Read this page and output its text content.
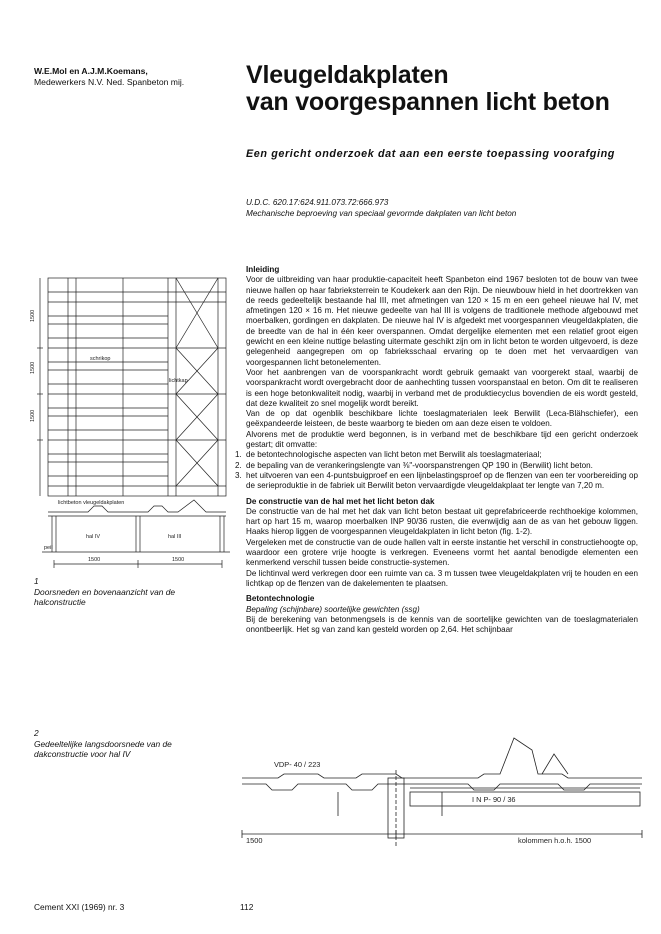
W.E.Mol en A.J.M.Koemans,
Medewerkers N.V. Ned. Spanbeton mij. Vleugeldakplaten
van voorgespannen licht beton
Een gericht onderzoek dat aan een eerste toepassing voorafging
U.D.C. 620.17:624.911.073.72:666.973
Mechanische beproeving van speciaal gevormde dakplaten van licht beton
1500
1500
1500
schrikop
lichtkap
lichtbeton vleugeldakplaten
hal IV	hal III
peil
1500	1500
1
Doorsneden en bovenaanzicht van de halconstructie
2
Gedeeltelijke langsdoorsnede van de dakconstructie voor hal IV

Inleiding

Voor de uitbreiding van haar produktie-capaciteit heeft Spanbeton eind 1967 besloten tot de bouw van twee nieuwe hallen op haar fabrieksterrein te Koudekerk aan den Rijn. De nieuwbouw hield in het doortrekken van de reeds gedeeltelijk bestaande hal III, met afmetingen van 120 × 15 m en een geheel nieuwe hal IV, met afmetingen 120 × 16 m. Het nieuwe gedeelte van hal III is volgens de traditionele methode afgebouwd met moerbalken, gordingen en dakplaten. De nieuwe hal IV is afgedekt met voorgespannen vleugeldakplaten, die de breedte van de hal in één keer overspannen. Omdat dergelijke elementen met een relatief groot eigen gewicht en een kleine nuttige belasting uitermate geschikt zijn om in licht beton te worden uitgevoerd, is deze gelegenheid aangegrepen om op fabrieksschaal ervaring op te doen met het vervaardigen van voorgespannen licht betonelementen.

Voor het aanbrengen van de voorspankracht wordt gebruik gemaakt van voorgerekt staal, waarbij de voorspankracht wordt overgebracht door de aanhechting tussen voorspanstaal en beton. Om dit te realiseren is een hoge betonkwaliteit nodig, waarbij in verband met de produktiecyclus bovendien de eis wordt gesteld, dat deze kwaliteit zo snel mogelijk wordt bereikt.

Van de op dat ogenblik beschikbare lichte toeslagmaterialen leek Berwilit (Leca-Blähschiefer), een geëxpandeerde leisteen, de beste waarborg te bieden om aan deze eisen te voldoen.

Alvorens met de produktie werd begonnen, is in verband met de beschikbare tijd een gericht onderzoek gestart; dit omvatte:

1. de betontechnologische aspecten van licht beton met Berwilit als toeslagmateriaal;
2. de bepaling van de verankeringslengte van ⅜"-voorspanstrengen QP 190 in (Berwilit) licht beton.
3. het uitvoeren van een 4-puntsbuigproef en een lijnbelastingsproef op de flenzen van een ter voorbereiding op de serieproduktie in de fabriek uit Berwilit beton vervaardigde vleugeldakplaat ter lengte van 7,20 m.

De constructie van de hal met het licht beton dak

De constructie van de hal met het dak van licht beton bestaat uit geprefabriceerde rechthoekige kolommen, hart op hart 15 m, waarop moerbalken INP 90/36 rusten, die evenwijdig aan de as van het gebouw liggen. Haaks hierop liggen de voorgespannen vleugeldakplaten in licht beton (fig. 1-2).

Vergeleken met de constructie van de oude hallen valt in eerste instantie het verschil in constructiehoogte op, waardoor een grotere vrije hoogte is verkregen. Eveneens vormt het aantal benodigde elementen een kenmerkend verschil tussen beide constructie-systemen.

De lichtinval werd verkregen door een ruimte van ca. 3 m tussen twee vleugeldakplaten vrij te houden en een lichtkap op de flenzen van de dakelementen te plaatsen.

Betontechnologie

Bepaling (schijnbare) soortelijke gewichten (ssg)

Bij de berekening van betonmengsels is de kennis van de soortelijke gewichten van de toeslagmaterialen onontbeerlijk. Het sg van zand kan gesteld worden op 2,64. Het schijnbaar

VDP- 40 / 223
I N P- 90 / 36
1500	kolommen h.o.h. 1500
Cement XXI (1969) nr. 3	112
